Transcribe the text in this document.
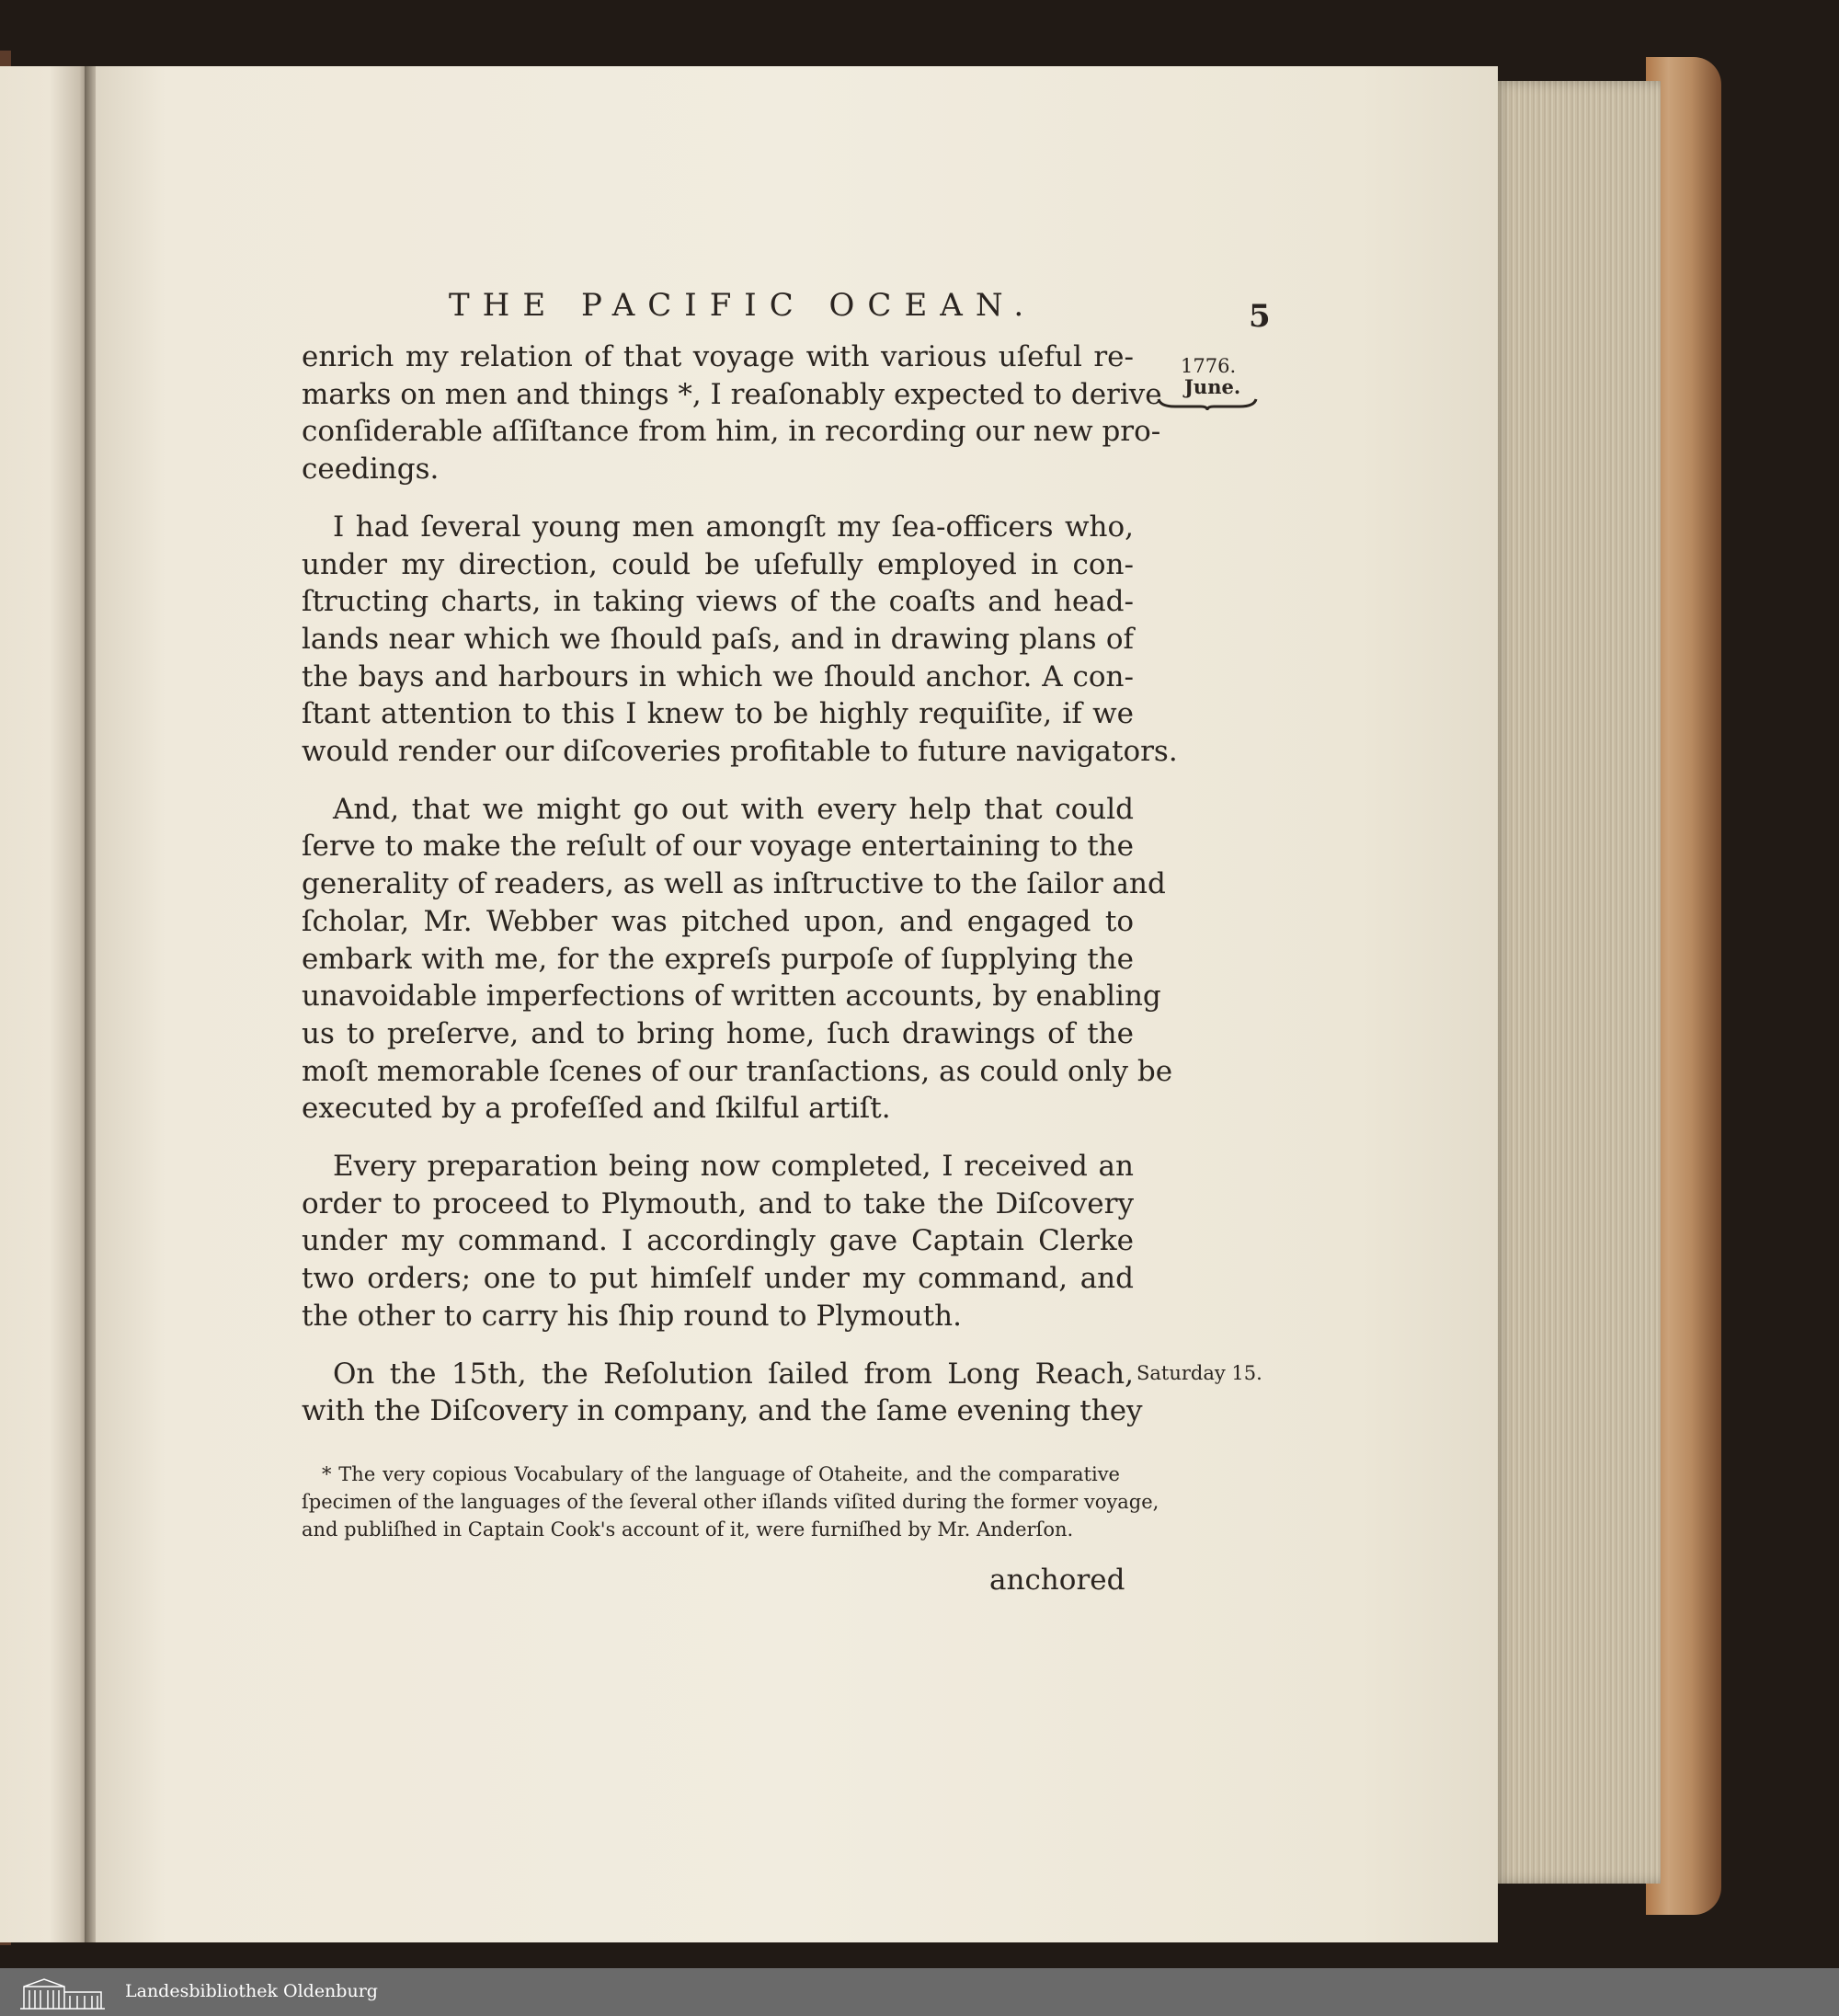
THE PACIFIC OCEAN.	5
1776.
June.
Saturday 15.

enrich my relation of that voyage with various uſeful re-
marks on men and things *, I reaſonably expected to derive
conſiderable aſſiſtance from him, in recording our new pro-
ceedings.

I had ſeveral young men amongſt my ſea-officers who,
under my direction, could be uſefully employed in con-
ſtructing charts, in taking views of the coaſts and head-
lands near which we ſhould paſs, and in drawing plans of
the bays and harbours in which we ſhould anchor. A con-
ſtant attention to this I knew to be highly requiſite, if we
would render our diſcoveries profitable to future navigators.

And, that we might go out with every help that could
ſerve to make the reſult of our voyage entertaining to the
generality of readers, as well as inſtructive to the ſailor and
ſcholar, Mr. Webber was pitched upon, and engaged to
embark with me, for the expreſs purpoſe of ſupplying the
unavoidable imperfections of written accounts, by enabling
us to preſerve, and to bring home, ſuch drawings of the
moſt memorable ſcenes of our tranſactions, as could only be
executed by a profeſſed and ſkilful artiſt.

Every preparation being now completed, I received an
order to proceed to Plymouth, and to take the Diſcovery
under my command. I accordingly gave Captain Clerke
two orders; one to put himſelf under my command, and
the other to carry his ſhip round to Plymouth.

On the 15th, the Reſolution ſailed from Long Reach,
with the Diſcovery in company, and the ſame evening they

* The very copious Vocabulary of the language of Otaheite, and the comparative
ſpecimen of the languages of the ſeveral other iſlands viſited during the former voyage,
and publiſhed in Captain Cook's account of it, were furniſhed by Mr. Anderſon.
anchored
Landesbibliothek Oldenburg
